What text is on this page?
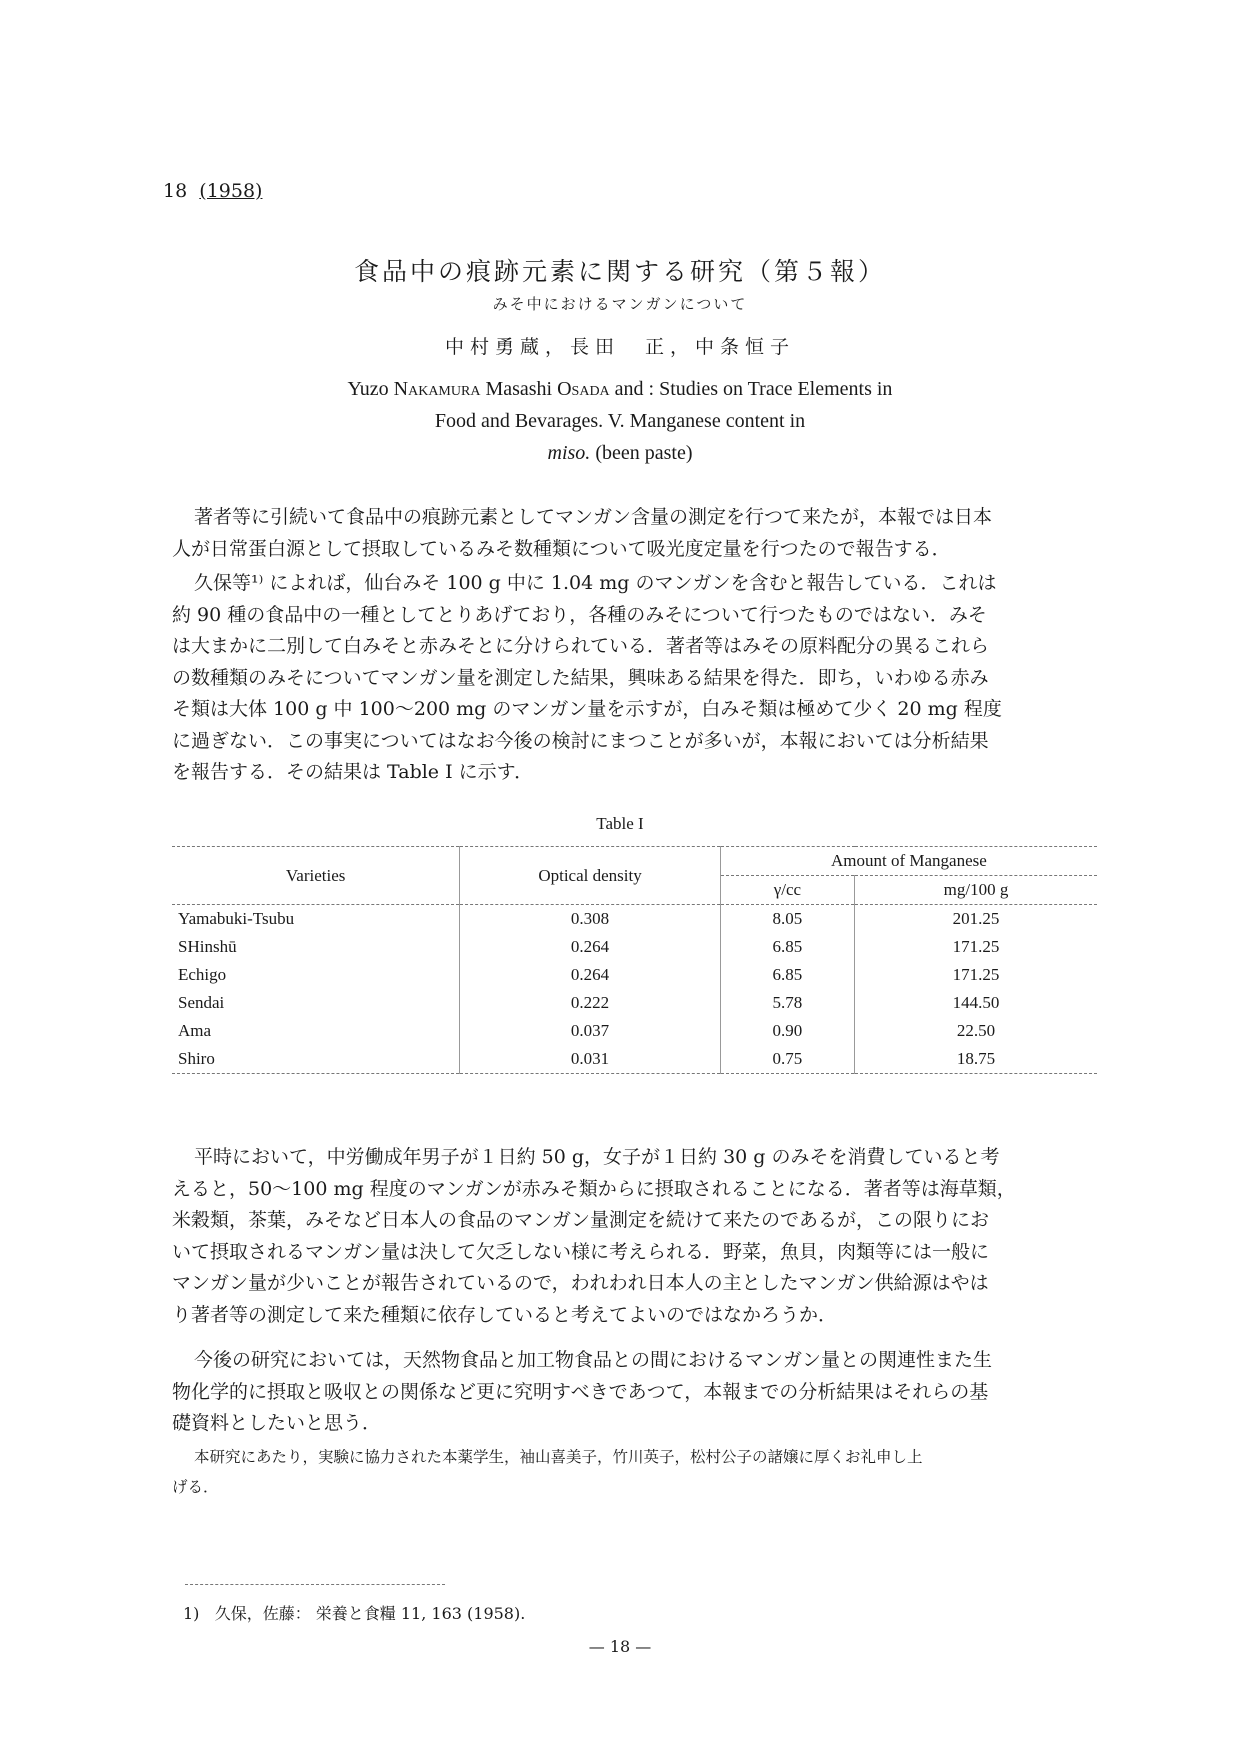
18 (1958)
食品中の痕跡元素に関する研究（第５報）
みそ中におけるマンガンについて
中村勇蔵，長田　正，中条恒子
Yuzo Nakamura Masashi Osada and : Studies on Trace Elements in
Food and Bevarages. V. Manganese content in
miso. (been paste)
著者等に引続いて食品中の痕跡元素としてマンガン含量の測定を行つて来たが，本報では日本
人が日常蛋白源として摂取しているみそ数種類について吸光度定量を行つたので報告する．
久保等¹⁾ によれば，仙台みそ 100 g 中に 1.04 mg のマンガンを含むと報告している．これは
約 90 種の食品中の一種としてとりあげており，各種のみそについて行つたものではない．みそ
は大まかに二別して白みそと赤みそとに分けられている．著者等はみその原料配分の異るこれら
の数種類のみそについてマンガン量を測定した結果，興味ある結果を得た．即ち，いわゆる赤み
そ類は大体 100 g 中 100～200 mg のマンガン量を示すが，白みそ類は極めて少く 20 mg 程度
に過ぎない．この事実についてはなお今後の検討にまつことが多いが，本報においては分析結果
を報告する．その結果は Table I に示す．
Table I
Varieties	Optical density	Amount of Manganese	
		γ/cc	mg/100 g
Yamabuki-Tsubu	0.308	8.05	201.25
SHinshū	0.264	6.85	171.25
Echigo	0.264	6.85	171.25
Sendai	0.222	5.78	144.50
Ama	0.037	0.90	22.50
Shiro	0.031	0.75	18.75
平時において，中労働成年男子が１日約 50 g，女子が１日約 30 g のみそを消費していると考
えると，50～100 mg 程度のマンガンが赤みそ類からに摂取されることになる．著者等は海草類，
米穀類，茶葉，みそなど日本人の食品のマンガン量測定を続けて来たのであるが，この限りにお
いて摂取されるマンガン量は決して欠乏しない様に考えられる．野菜，魚貝，肉類等には一般に
マンガン量が少いことが報告されているので，われわれ日本人の主としたマンガン供給源はやは
り著者等の測定して来た種類に依存していると考えてよいのではなかろうか．
今後の研究においては，天然物食品と加工物食品との間におけるマンガン量との関連性また生
物化学的に摂取と吸収との関係など更に究明すべきであつて，本報までの分析結果はそれらの基
礎資料としたいと思う．
本研究にあたり，実験に協力された本薬学生，袖山喜美子，竹川英子，松村公子の諸嬢に厚くお礼申し上
げる．
1) 久保，佐藤： 栄養と食糧 11, 163 (1958).
— 18 —
